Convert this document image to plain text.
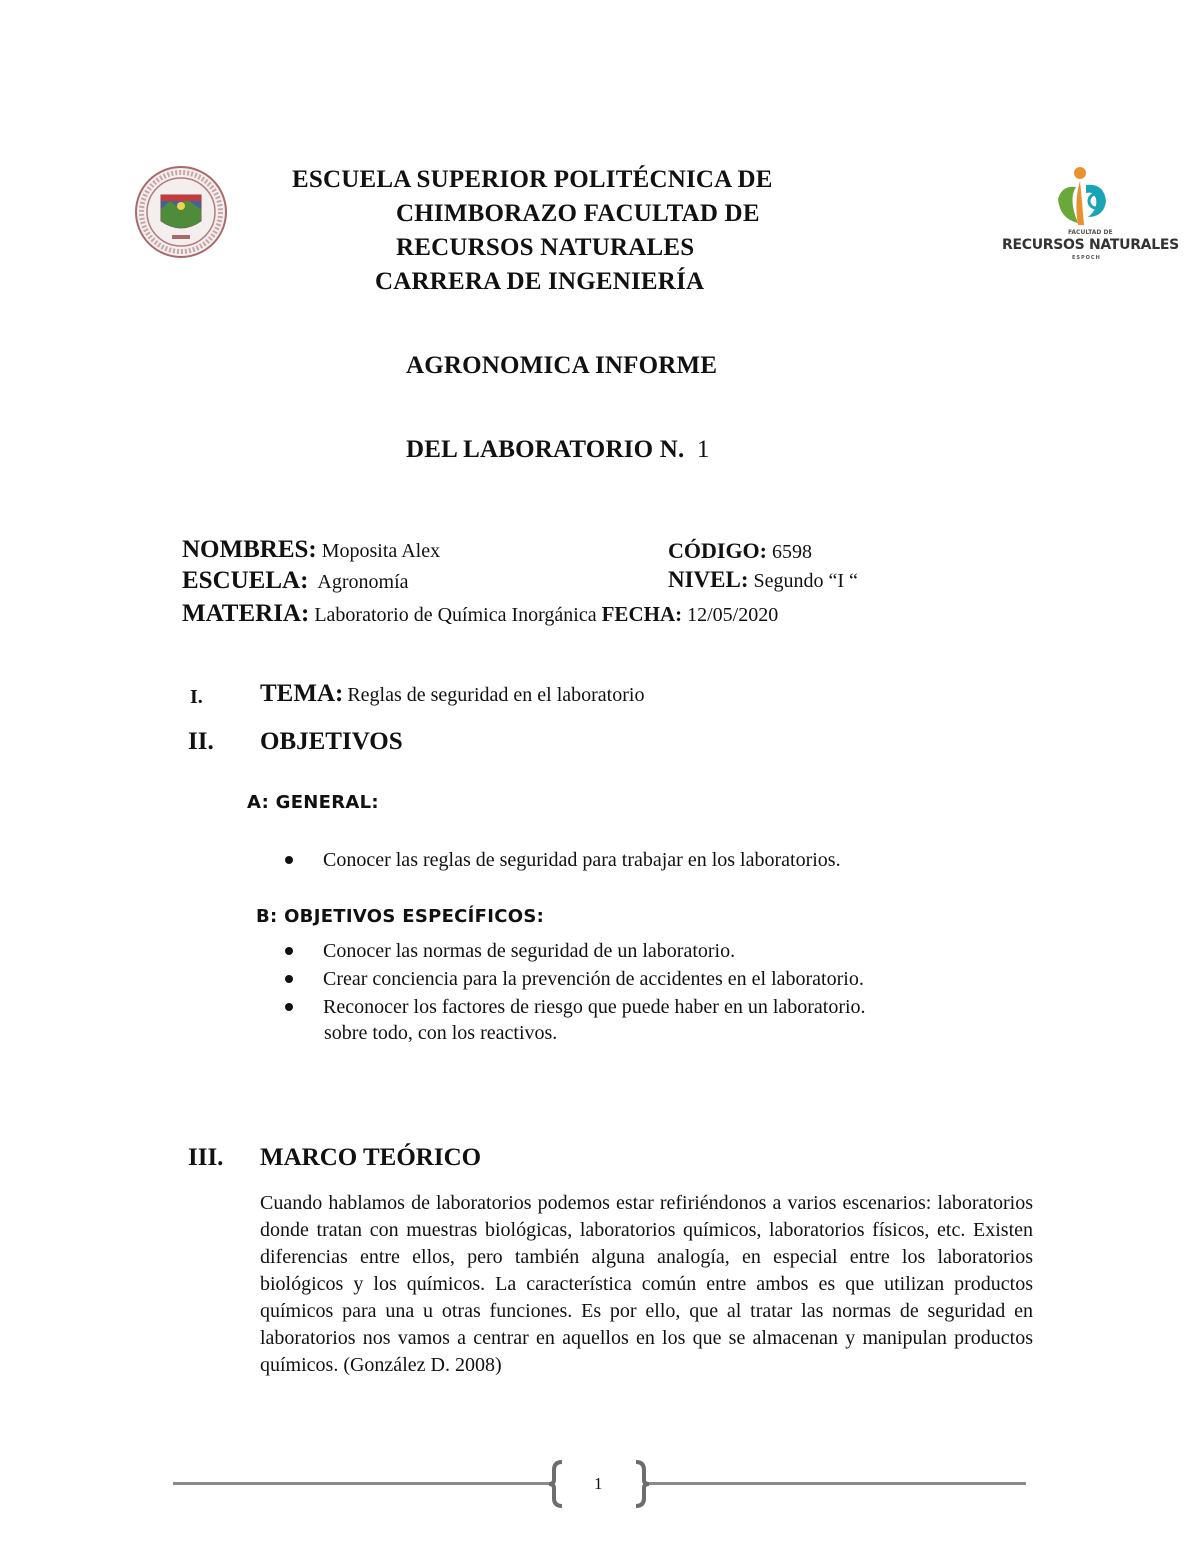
FACULTAD DE
RECURSOS NATURALES
ESPOCH
ESCUELA SUPERIOR POLITÉCNICA DE
CHIMBORAZO FACULTAD DE
RECURSOS NATURALES
CARRERA DE INGENIERÍA
AGRONOMICA INFORME
DEL LABORATORIO N. 1
NOMBRES: Moposita Alex	CÓDIGO: 6598
ESCUELA: Agronomía	NIVEL: Segundo “I “
MATERIA: Laboratorio de Química Inorgánica FECHA: 12/05/2020
I. TEMA: Reglas de seguridad en el laboratorio
II. OBJETIVOS
A: GENERAL:
Conocer las reglas de seguridad para trabajar en los laboratorios.
B: OBJETIVOS ESPECÍFICOS:
Conocer las normas de seguridad de un laboratorio.
Crear conciencia para la prevención de accidentes en el laboratorio.
Reconocer los factores de riesgo que puede haber en un laboratorio.
sobre todo, con los reactivos.
III. MARCO TEÓRICO
Cuando hablamos de laboratorios podemos estar refiriéndonos a varios escenarios: laboratorios donde tratan con muestras biológicas, laboratorios químicos, laboratorios físicos, etc. Existen diferencias entre ellos, pero también alguna analogía, en especial entre los laboratorios biológicos y los químicos. La característica común entre ambos es que utilizan productos químicos para una u otras funciones. Es por ello, que al tratar las normas de seguridad en laboratorios nos vamos a centrar en aquellos en los que se almacenan y manipulan productos químicos. (González D. 2008)
1
